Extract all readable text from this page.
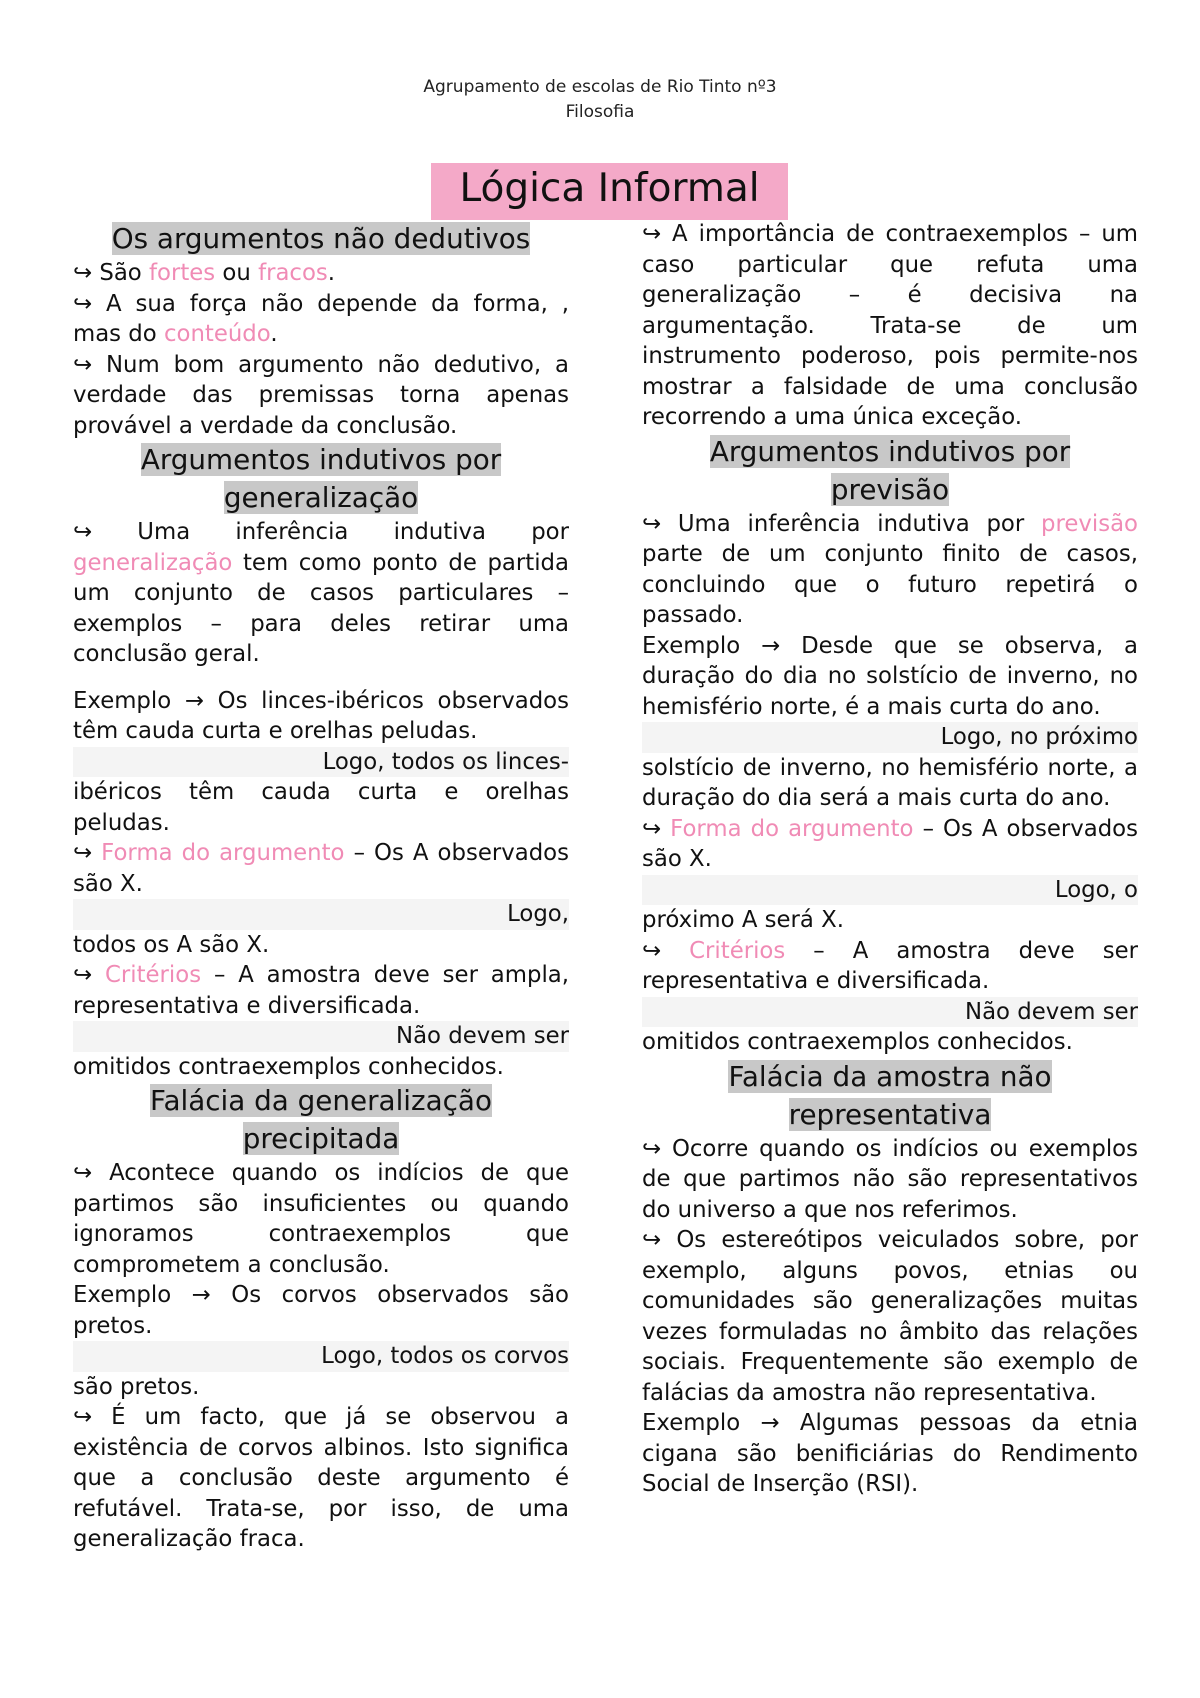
Agrupamento de escolas de Rio Tinto nº3
Filosofia
Lógica Informal
Os argumentos não dedutivos

↪ São fortes ou fracos.

↪ A sua força não depende da forma, , mas do conteúdo.

↪ Num bom argumento não dedutivo, a verdade das premissas torna apenas provável a verdade da conclusão.

Argumentos indutivos por
generalização

↪ Uma inferência indutiva por generalização tem como ponto de partida um conjunto de casos particulares – exemplos – para deles retirar uma conclusão geral.

Exemplo → Os linces-ibéricos observados têm cauda curta e orelhas peludas.

Logo, todos os linces-

ibéricos têm cauda curta e orelhas peludas.

↪ Forma do argumento – Os A observados são X.

Logo,

todos os A são X.

↪ Critérios – A amostra deve ser ampla, representativa e diversificada.

Não devem ser

omitidos contraexemplos conhecidos.

Falácia da generalização
precipitada

↪ Acontece quando os indícios de que partimos são insuficientes ou quando ignoramos contraexemplos que comprometem a conclusão.

Exemplo → Os corvos observados são pretos.

Logo, todos os corvos

são pretos.

↪ É um facto, que já se observou a existência de corvos albinos. Isto significa que a conclusão deste argumento é refutável. Trata-se, por isso, de uma generalização fraca.

↪ A importância de contraexemplos – um caso particular que refuta uma generalização – é decisiva na argumentação. Trata-se de um instrumento poderoso, pois permite-nos mostrar a falsidade de uma conclusão recorrendo a uma única exceção.

Argumentos indutivos por
previsão

↪ Uma inferência indutiva por previsão parte de um conjunto finito de casos, concluindo que o futuro repetirá o passado.

Exemplo → Desde que se observa, a duração do dia no solstício de inverno, no hemisfério norte, é a mais curta do ano.

Logo, no próximo

solstício de inverno, no hemisfério norte, a duração do dia será a mais curta do ano.

↪ Forma do argumento – Os A observados são X.

Logo, o

próximo A será X.

↪ Critérios – A amostra deve ser representativa e diversificada.

Não devem ser

omitidos contraexemplos conhecidos.

Falácia da amostra não
representativa

↪ Ocorre quando os indícios ou exemplos de que partimos não são representativos do universo a que nos referimos.

↪ Os estereótipos veiculados sobre, por exemplo, alguns povos, etnias ou comunidades são generalizações muitas vezes formuladas no âmbito das relações sociais. Frequentemente são exemplo de falácias da amostra não representativa.

Exemplo → Algumas pessoas da etnia cigana são benificiárias do Rendimento Social de Inserção (RSI).
